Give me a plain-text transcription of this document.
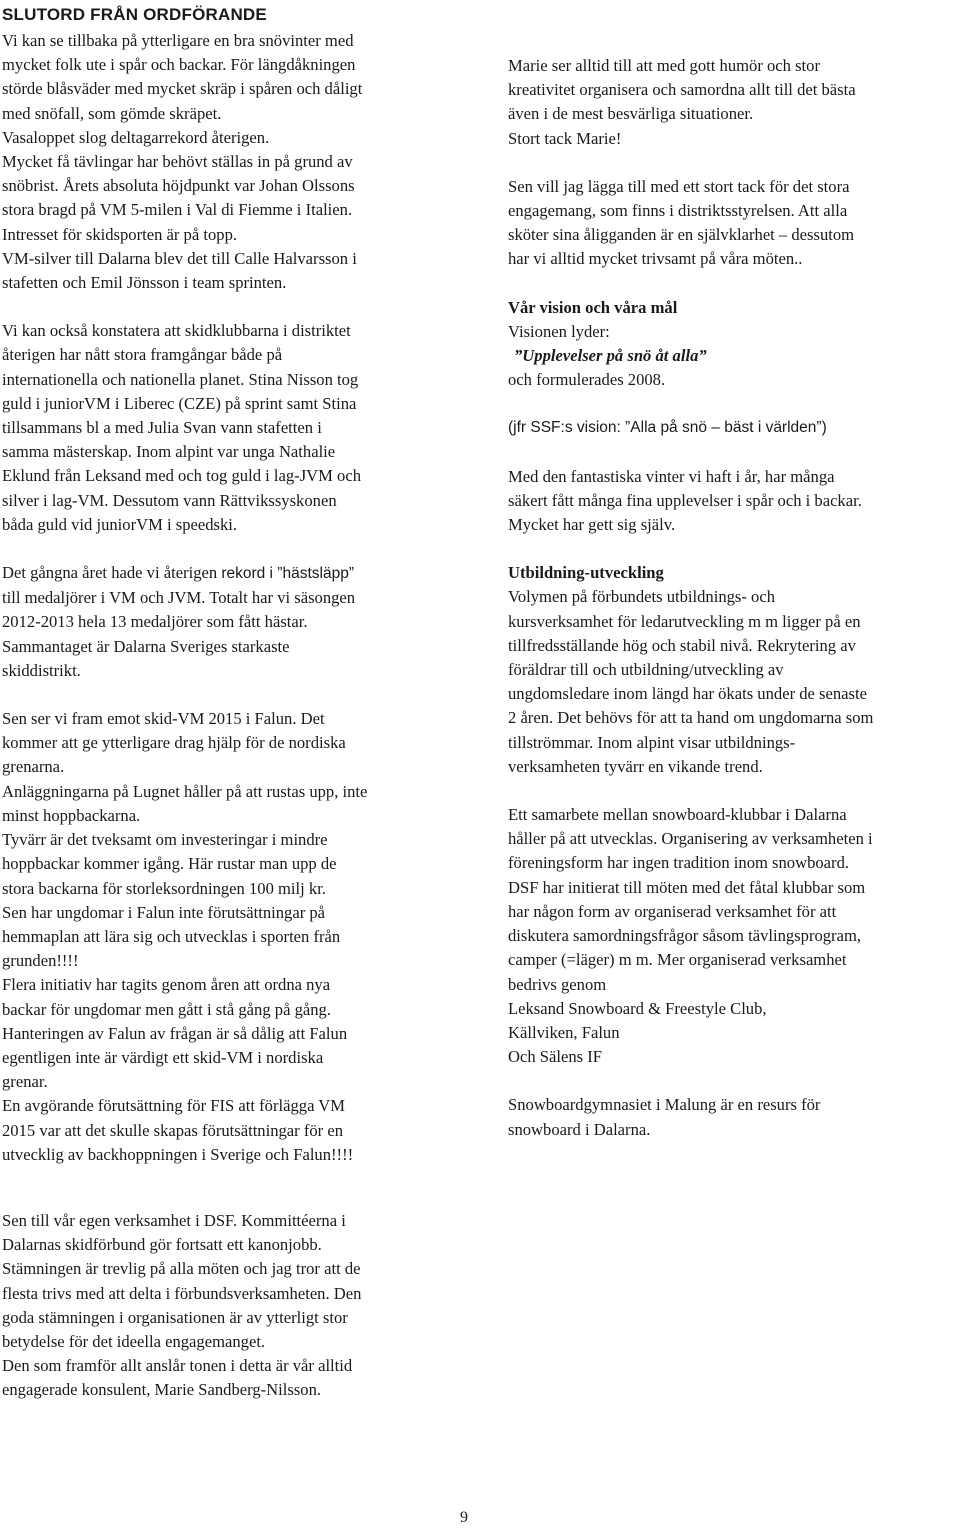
SLUTORD FRÅN ORDFÖRANDE

Vi kan se tillbaka på ytterligare en bra snövinter med

mycket folk ute i spår och backar. För längdåkningen

störde blåsväder med mycket skräp i spåren och dåligt

med snöfall, som gömde skräpet.

Vasaloppet slog deltagarrekord återigen.

Mycket få tävlingar har behövt ställas in på grund av

snöbrist. Årets absoluta höjdpunkt var Johan Olssons

stora bragd på VM 5-milen i Val di Fiemme i Italien.

Intresset för skidsporten är på topp.

VM-silver till Dalarna blev det till Calle Halvarsson i

stafetten och Emil Jönsson i team sprinten.

Vi kan också konstatera att skidklubbarna i distriktet

återigen har nått stora framgångar både på

internationella och nationella planet. Stina Nisson tog

guld i juniorVM i Liberec (CZE) på sprint samt Stina

tillsammans bl a med Julia Svan vann stafetten i

samma mästerskap. Inom alpint var unga Nathalie

Eklund från Leksand med och tog guld i lag-JVM och

silver i lag-VM. Dessutom vann Rättvikssyskonen

båda guld vid juniorVM i speedski.

Det gångna året hade vi återigen rekord i ”hästsläpp”

till medaljörer i VM och JVM. Totalt har vi säsongen

2012-2013 hela 13 medaljörer som fått hästar.

Sammantaget är Dalarna Sveriges starkaste

skiddistrikt.

Sen ser vi fram emot skid-VM 2015 i Falun. Det

kommer att ge ytterligare drag hjälp för de nordiska

grenarna.

Anläggningarna på Lugnet håller på att rustas upp, inte

minst hoppbackarna.

Tyvärr är det tveksamt om investeringar i mindre

hoppbackar kommer igång. Här rustar man upp de

stora backarna för storleksordningen 100 milj kr.

Sen har ungdomar i Falun inte förutsättningar på

hemmaplan att lära sig och utvecklas i sporten från

grunden!!!!

Flera initiativ har tagits genom åren att ordna nya

backar för ungdomar men gått i stå gång på gång.

Hanteringen av Falun av frågan är så dålig att Falun

egentligen inte är värdigt ett skid-VM i nordiska

grenar.

En avgörande förutsättning för FIS att förlägga VM

2015 var att det skulle skapas förutsättningar för en

utvecklig av backhoppningen i Sverige och Falun!!!!

Sen till vår egen verksamhet i DSF. Kommittéerna i

Dalarnas skidförbund gör fortsatt ett kanonjobb.

Stämningen är trevlig på alla möten och jag tror att de

flesta trivs med att delta i förbundsverksamheten. Den

goda stämningen i organisationen är av ytterligt stor

betydelse för det ideella engagemanget.

Den som framför allt anslår tonen i detta är vår alltid

engagerade konsulent, Marie Sandberg-Nilsson.

Marie ser alltid till att med gott humör och stor

kreativitet organisera och samordna allt till det bästa

även i de mest besvärliga situationer.

Stort tack Marie!

Sen vill jag lägga till med ett stort tack för det stora

engagemang, som finns i distriktsstyrelsen. Att alla

sköter sina åligganden är en självklarhet – dessutom

har vi alltid mycket trivsamt på våra möten..

Vår vision och våra mål

Visionen lyder:

”Upplevelser på snö åt alla”

och formulerades 2008.

(jfr SSF:s vision: ”Alla på snö – bäst i världen”)

Med den fantastiska vinter vi haft i år, har många

säkert fått många fina upplevelser i spår och i backar.

Mycket har gett sig själv.

Utbildning-utveckling

Volymen på förbundets utbildnings- och

kursverksamhet för ledarutveckling m m ligger på en

tillfredsställande hög och stabil nivå. Rekrytering av

föräldrar till och utbildning/utveckling av

ungdomsledare inom längd har ökats under de senaste

2 åren. Det behövs för att ta hand om ungdomarna som

tillströmmar. Inom alpint visar utbildnings-

verksamheten tyvärr en vikande trend.

Ett samarbete mellan snowboard-klubbar i Dalarna

håller på att utvecklas. Organisering av verksamheten i

föreningsform har ingen tradition inom snowboard.

DSF har initierat till möten med det fåtal klubbar som

har någon form av organiserad verksamhet för att

diskutera samordningsfrågor såsom tävlingsprogram,

camper (=läger) m m. Mer organiserad verksamhet

bedrivs genom

Leksand Snowboard & Freestyle Club,

Källviken, Falun

Och Sälens IF

Snowboardgymnasiet i Malung är en resurs för

snowboard i Dalarna.

9
